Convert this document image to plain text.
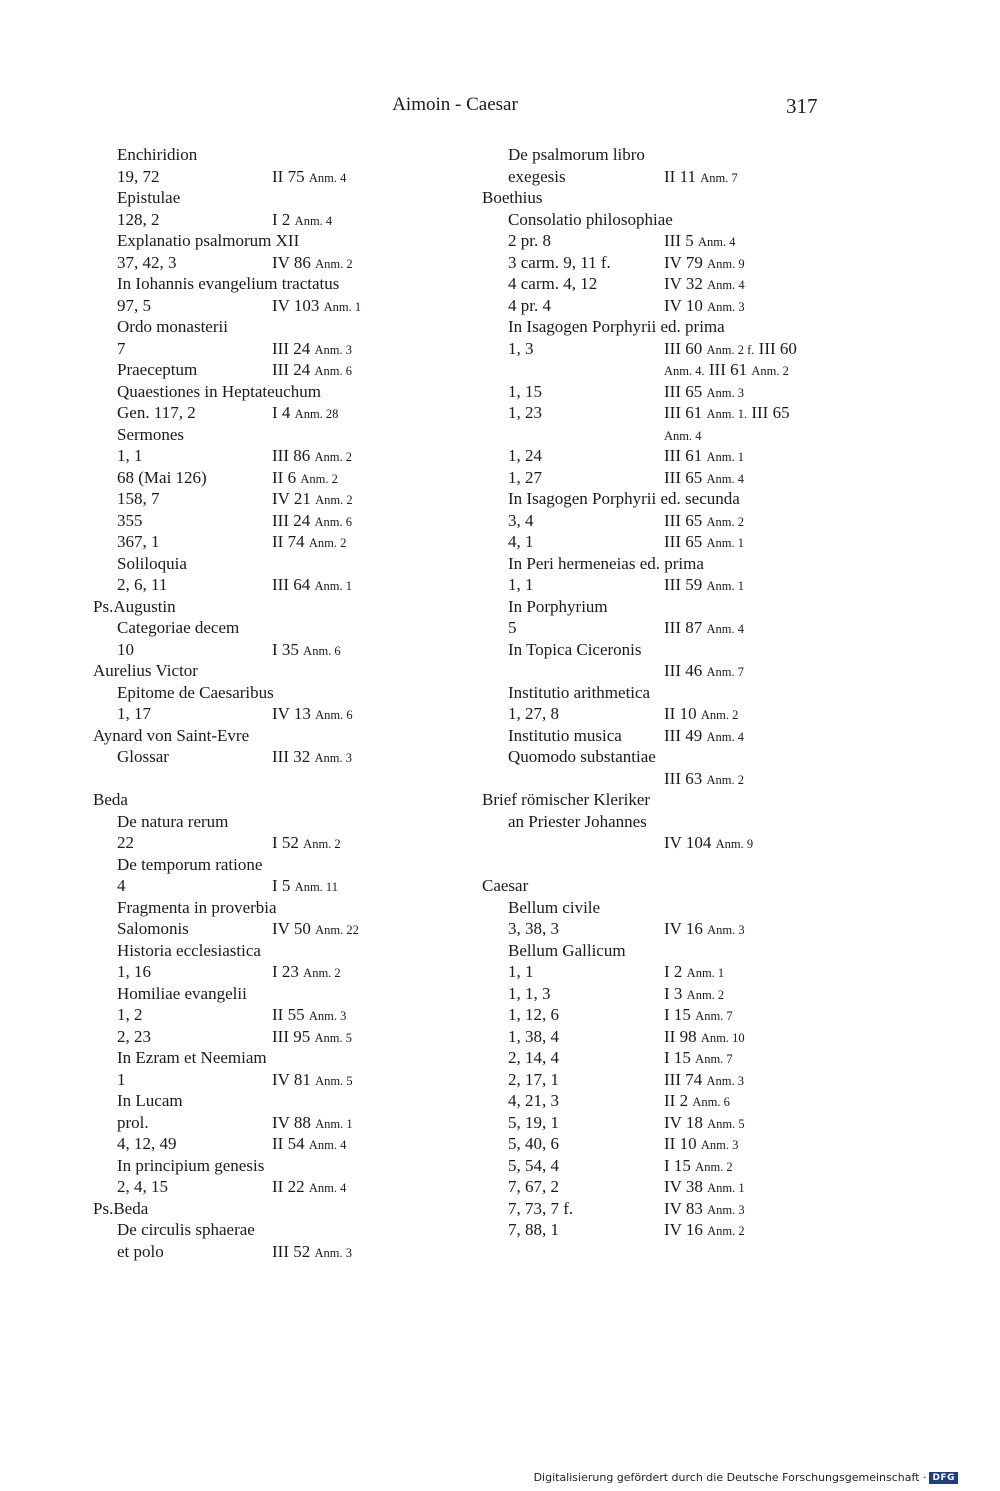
Aimoin - Caesar	317
Enchiridion
19, 72	II 75 Anm. 4
Epistulae
128, 2	I 2 Anm. 4
Explanatio psalmorum XII
37, 42, 3	IV 86 Anm. 2
In Iohannis evangelium tractatus
97, 5	IV 103 Anm. 1
Ordo monasterii
7	III 24 Anm. 3
Praeceptum	III 24 Anm. 6
Quaestiones in Heptateuchum
Gen. 117, 2	I 4 Anm. 28
Sermones
1, 1	III 86 Anm. 2
68 (Mai 126)	II 6 Anm. 2
158, 7	IV 21 Anm. 2
355	III 24 Anm. 6
367, 1	II 74 Anm. 2
Soliloquia
2, 6, 11	III 64 Anm. 1
Ps.Augustin
Categoriae decem
10	I 35 Anm. 6
Aurelius Victor
Epitome de Caesaribus
1, 17	IV 13 Anm. 6
Aynard von Saint-Evre
Glossar	III 32 Anm. 3
Beda
De natura rerum
22	I 52 Anm. 2
De temporum ratione
4	I 5 Anm. 11
Fragmenta in proverbia
Salomonis	IV 50 Anm. 22
Historia ecclesiastica
1, 16	I 23 Anm. 2
Homiliae evangelii
1, 2	II 55 Anm. 3
2, 23	III 95 Anm. 5
In Ezram et Neemiam
1	IV 81 Anm. 5
In Lucam
prol.	IV 88 Anm. 1
4, 12, 49	II 54 Anm. 4
In principium genesis
2, 4, 15	II 22 Anm. 4
Ps.Beda
De circulis sphaerae
et polo	III 52 Anm. 3
De psalmorum libro
exegesis	II 11 Anm. 7
Boethius
Consolatio philosophiae
2 pr. 8	III 5 Anm. 4
3 carm. 9, 11 f.	IV 79 Anm. 9
4 carm. 4, 12	IV 32 Anm. 4
4 pr. 4	IV 10 Anm. 3
In Isagogen Porphyrii ed. prima
1, 3	III 60 Anm. 2 f. III 60
Anm. 4. III 61 Anm. 2
1, 15	III 65 Anm. 3
1, 23	III 61 Anm. 1. III 65
Anm. 4
1, 24	III 61 Anm. 1
1, 27	III 65 Anm. 4
In Isagogen Porphyrii ed. secunda
3, 4	III 65 Anm. 2
4, 1	III 65 Anm. 1
In Peri hermeneias ed. prima
1, 1	III 59 Anm. 1
In Porphyrium
5	III 87 Anm. 4
In Topica Ciceronis
III 46 Anm. 7
Institutio arithmetica
1, 27, 8	II 10 Anm. 2
Institutio musica III 49 Anm. 4
Quomodo substantiae
III 63 Anm. 2
Brief römischer Kleriker
an Priester Johannes
IV 104 Anm. 9
Caesar
Bellum civile
3, 38, 3	IV 16 Anm. 3
Bellum Gallicum
1, 1	I 2 Anm. 1
1, 1, 3	I 3 Anm. 2
1, 12, 6	I 15 Anm. 7
1, 38, 4	II 98 Anm. 10
2, 14, 4	I 15 Anm. 7
2, 17, 1	III 74 Anm. 3
4, 21, 3	II 2 Anm. 6
5, 19, 1	IV 18 Anm. 5
5, 40, 6	II 10 Anm. 3
5, 54, 4	I 15 Anm. 2
7, 67, 2	IV 38 Anm. 1
7, 73, 7 f.	IV 83 Anm. 3
7, 88, 1	IV 16 Anm. 2
Digitalisierung gefördert durch die Deutsche Forschungsgemeinschaft · DFG
